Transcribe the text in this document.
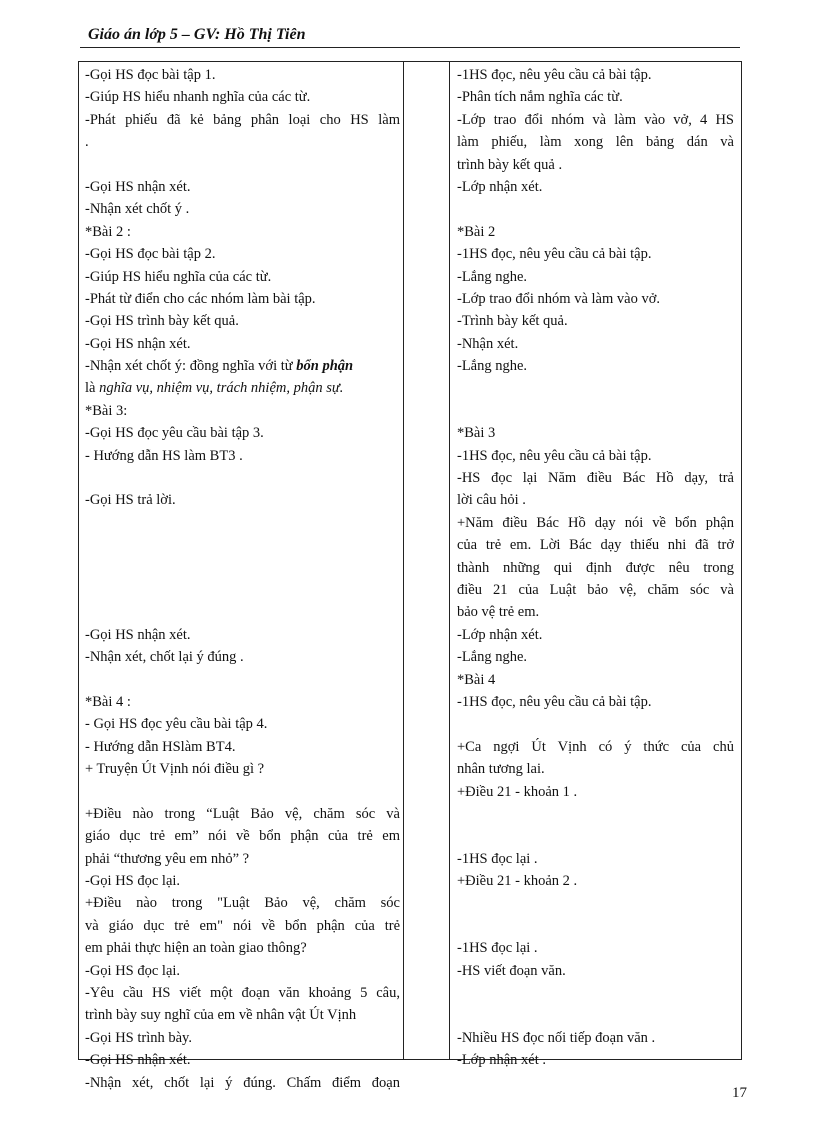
Giáo án lớp 5 – GV: Hồ Thị Tiên
-Gọi HS đọc bài tập 1.
-Giúp HS hiểu nhanh nghĩa của các từ.
-Phát phiếu đã kẻ bảng phân loại cho HS làm
.
-Gọi HS nhận xét.
-Nhận xét chốt ý .
*Bài 2 :
-Gọi HS đọc bài tập 2.
-Giúp HS hiểu nghĩa của các từ.
-Phát từ điển cho các nhóm làm bài tập.
-Gọi HS trình bày kết quả.
-Gọi HS nhận xét.
-Nhận xét chốt ý: đồng nghĩa với từ bổn phận
là nghĩa vụ, nhiệm vụ, trách nhiệm, phận sự.
*Bài 3:
-Gọi HS đọc yêu cầu bài tập 3.
- Hướng dẫn HS làm BT3 .
-Gọi HS trả lời.
-Gọi HS nhận xét.
-Nhận xét, chốt lại ý đúng .
*Bài 4 :
- Gọi HS đọc yêu cầu bài tập 4.
- Hướng dẫn HSlàm BT4.
+ Truyện Út Vịnh nói điều gì ?
+Điều nào trong “Luật Bảo vệ, chăm sóc và
giáo dục trẻ em” nói về bổn phận của trẻ em
phải “thương yêu em nhỏ” ?
-Gọi HS đọc lại.
+Điều nào trong "Luật Bảo vệ, chăm sóc
và giáo dục trẻ em" nói về bổn phận của trẻ
em phải thực hiện an toàn giao thông?
-Gọi HS đọc lại.
-Yêu cầu HS viết một đoạn văn khoảng 5 câu,
trình bày suy nghĩ của em về nhân vật Út Vịnh
-Gọi HS trình bày.
-Gọi HS nhận xét.
-Nhận xét, chốt lại ý đúng. Chấm điểm đoạn
-1HS đọc, nêu yêu cầu cả bài tập.
-Phân tích nắm nghĩa các từ.
-Lớp trao đổi nhóm và làm vào vở, 4 HS
làm phiếu, làm xong lên bảng dán và
trình bày kết quả .
-Lớp nhận xét.
*Bài 2
-1HS đọc, nêu yêu cầu cả bài tập.
-Lắng nghe.
-Lớp trao đổi nhóm và làm vào vở.
-Trình bày kết quả.
-Nhận xét.
-Lắng nghe.
*Bài 3
-1HS đọc, nêu yêu cầu cả bài tập.
-HS đọc lại Năm điều Bác Hồ dạy, trả
lời câu hỏi .
+Năm điều Bác Hồ dạy nói về bổn phận
của trẻ em. Lời Bác dạy thiếu nhi đã trở
thành những qui định được nêu trong
điều 21 của Luật bảo vệ, chăm sóc và
bảo vệ trẻ em.
-Lớp nhận xét.
-Lắng nghe.
*Bài 4
-1HS đọc, nêu yêu cầu cả bài tập.
+Ca ngợi Út Vịnh có ý thức của chủ
nhân tương lai.
+Điều 21 - khoản 1 .
-1HS đọc lại .
+Điều 21 - khoản 2 .
-1HS đọc lại .
-HS viết đoạn văn.
-Nhiều HS đọc nối tiếp đoạn văn .
-Lớp nhận xét .
17
